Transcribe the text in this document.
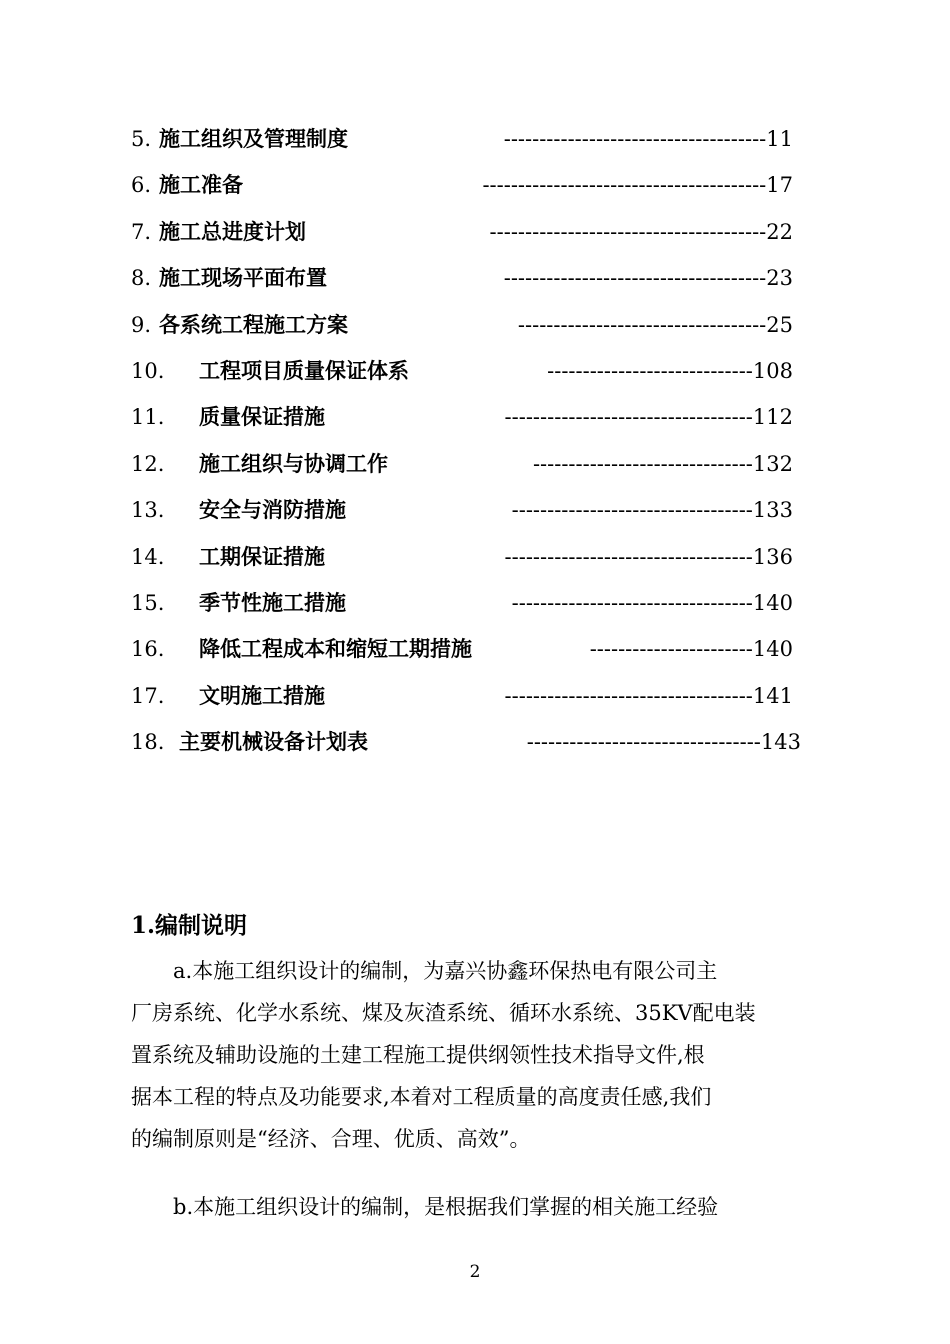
5. 施工组织及管理制度	------------------------------------- 11
6. 施工准备	---------------------------------------- 17
7. 施工总进度计划	--------------------------------------- 22
8. 施工现场平面布置	------------------------------------- 23
9. 各系统工程施工方案	----------------------------------- 25
10. 工程项目质量保证体系	----------------------------- 108
11. 质量保证措施	----------------------------------- 112
12. 施工组织与协调工作	------------------------------- 132
13. 安全与消防措施	---------------------------------- 133
14. 工期保证措施	----------------------------------- 136
15. 季节性施工措施	---------------------------------- 140
16. 降低工程成本和缩短工期措施	----------------------- 140
17. 文明施工措施	----------------------------------- 141
18. 主要机械设备计划表	--------------------------------- 143
1.编制说明
a.本施工组织设计的编制，为嘉兴协鑫环保热电有限公司主
厂房系统、化学水系统、煤及灰渣系统、循环水系统、35KV配电装
置系统及辅助设施的土建工程施工提供纲领性技术指导文件,根
据本工程的特点及功能要求,本着对工程质量的高度责任感,我们
的编制原则是“经济、合理、优质、高效”。
b.本施工组织设计的编制，是根据我们掌握的相关施工经验
2
